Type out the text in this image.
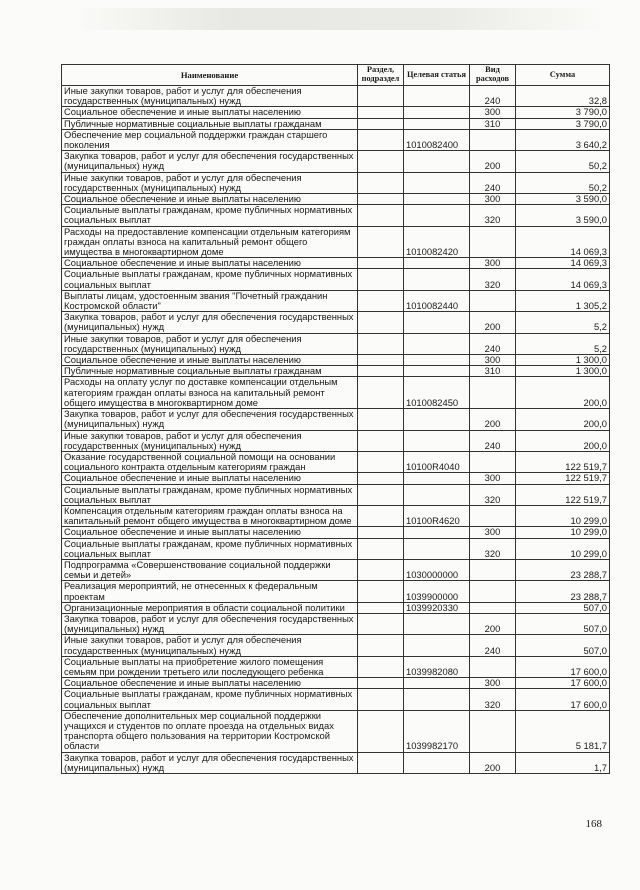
Наименование	Раздел, подраздел	Целевая статья	Вид расходов	Сумма
Иные закупки товаров, работ и услуг для обеспечения государственных (муниципальных) нужд			240	32,8
Социальное обеспечение и иные выплаты населению			300	3 790,0
Публичные нормативные социальные выплаты гражданам			310	3 790,0
Обеспечение мер социальной поддержки граждан старшего поколения		1010082400		3 640,2
Закупка товаров, работ и услуг для обеспечения государственных (муниципальных) нужд			200	50,2
Иные закупки товаров, работ и услуг для обеспечения государственных (муниципальных) нужд			240	50,2
Социальное обеспечение и иные выплаты населению			300	3 590,0
Социальные выплаты гражданам, кроме публичных нормативных социальных выплат			320	3 590,0
Расходы на предоставление компенсации отдельным категориям граждан оплаты взноса на капитальный ремонт общего имущества в многоквартирном доме		1010082420		14 069,3
Социальное обеспечение и иные выплаты населению			300	14 069,3
Социальные выплаты гражданам, кроме публичных нормативных социальных выплат			320	14 069,3
Выплаты лицам, удостоенным звания "Почетный гражданин Костромской области"		1010082440		1 305,2
Закупка товаров, работ и услуг для обеспечения государственных (муниципальных) нужд			200	5,2
Иные закупки товаров, работ и услуг для обеспечения государственных (муниципальных) нужд			240	5,2
Социальное обеспечение и иные выплаты населению			300	1 300,0
Публичные нормативные социальные выплаты гражданам			310	1 300,0
Расходы на оплату услуг по доставке компенсации отдельным категориям граждан оплаты взноса на капитальный ремонт общего имущества в многоквартирном доме		1010082450		200,0
Закупка товаров, работ и услуг для обеспечения государственных (муниципальных) нужд			200	200,0
Иные закупки товаров, работ и услуг для обеспечения государственных (муниципальных) нужд			240	200,0
Оказание государственной социальной помощи на основании социального контракта отдельным категориям граждан		10100R4040		122 519,7
Социальное обеспечение и иные выплаты населению			300	122 519,7
Социальные выплаты гражданам, кроме публичных нормативных социальных выплат			320	122 519,7
Компенсация отдельным категориям граждан оплаты взноса на капитальный ремонт общего имущества в многоквартирном доме		10100R4620		10 299,0
Социальное обеспечение и иные выплаты населению			300	10 299,0
Социальные выплаты гражданам, кроме публичных нормативных социальных выплат			320	10 299,0
Подпрограмма «Совершенствование социальной поддержки семьи и детей»		1030000000		23 288,7
Реализация мероприятий, не отнесенных к федеральным проектам		1039900000		23 288,7
Организационные мероприятия в области социальной политики		1039920330		507,0
Закупка товаров, работ и услуг для обеспечения государственных (муниципальных) нужд			200	507,0
Иные закупки товаров, работ и услуг для обеспечения государственных (муниципальных) нужд			240	507,0
Социальные выплаты на приобретение жилого помещения семьям при рождении третьего или последующего ребенка		1039982080		17 600,0
Социальное обеспечение и иные выплаты населению			300	17 600,0
Социальные выплаты гражданам, кроме публичных нормативных социальных выплат			320	17 600,0
Обеспечение дополнительных мер социальной поддержки учащихся и студентов по оплате проезда на отдельных видах транспорта общего пользования на территории Костромской области		1039982170		5 181,7
Закупка товаров, работ и услуг для обеспечения государственных (муниципальных) нужд			200	1,7
168
